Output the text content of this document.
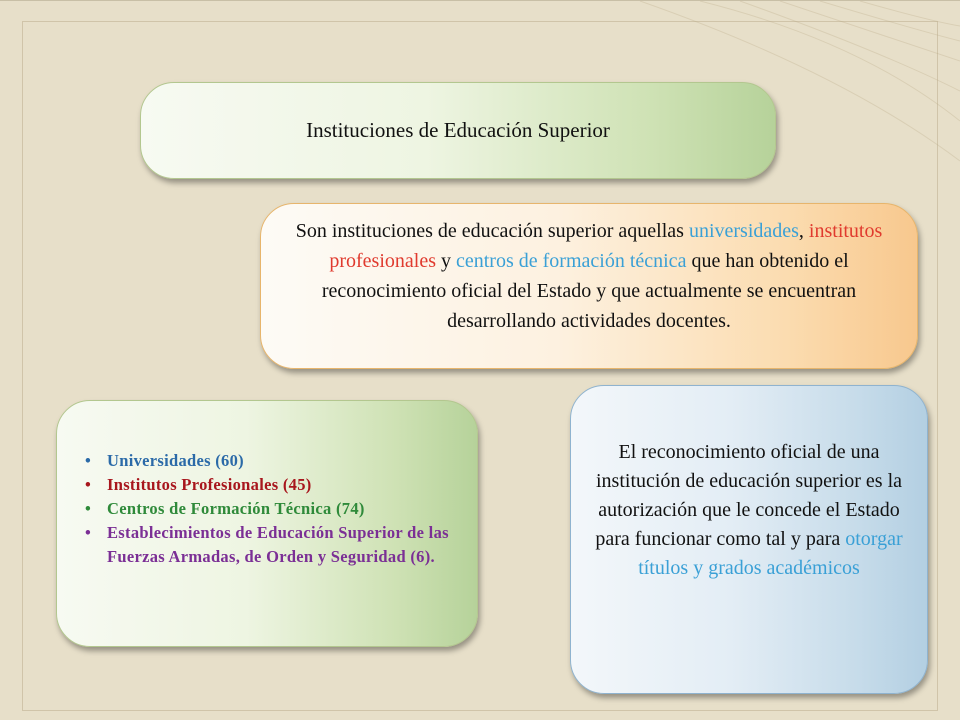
Instituciones de Educación Superior
Son instituciones de educación superior aquellas universidades, institutos profesionales y centros de formación técnica que han obtenido el reconocimiento oficial del Estado y que actualmente se encuentran desarrollando actividades docentes.
• Universidades (60)
• Institutos Profesionales (45)
• Centros de Formación Técnica (74)
• Establecimientos de Educación Superior de las Fuerzas Armadas, de Orden y Seguridad (6).
El reconocimiento oficial de una institución de educación superior es la autorización que le concede el Estado para funcionar como tal y para otorgar títulos y grados académicos
